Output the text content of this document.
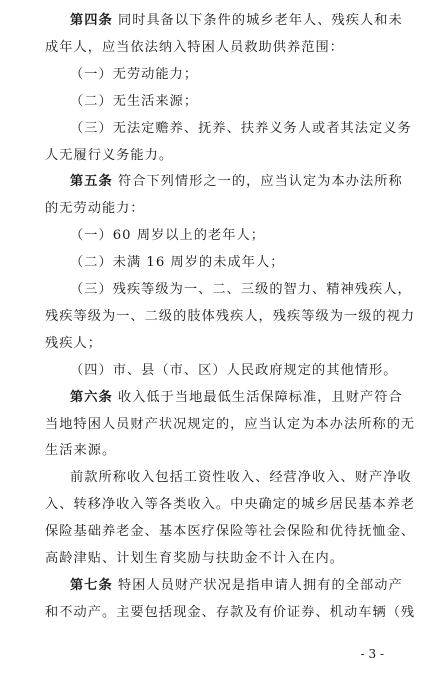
第四条 同时具备以下条件的城乡老年人、残疾人和未
成年人，应当依法纳入特困人员救助供养范围：
（一）无劳动能力；
（二）无生活来源；
（三）无法定赡养、抚养、扶养义务人或者其法定义务
人无履行义务能力。
第五条 符合下列情形之一的，应当认定为本办法所称
的无劳动能力：
（一）60 周岁以上的老年人；
（二）未满 16 周岁的未成年人；
（三）残疾等级为一、二、三级的智力、精神残疾人，
残疾等级为一、二级的肢体残疾人，残疾等级为一级的视力
残疾人；
（四）市、县（市、区）人民政府规定的其他情形。
第六条 收入低于当地最低生活保障标准，且财产符合
当地特困人员财产状况规定的，应当认定为本办法所称的无
生活来源。
前款所称收入包括工资性收入、经营净收入、财产净收
入、转移净收入等各类收入。中央确定的城乡居民基本养老
保险基础养老金、基本医疗保险等社会保险和优待抚恤金、
高龄津贴、计划生育奖励与扶助金不计入在内。
第七条 特困人员财产状况是指申请人拥有的全部动产
和不动产。主要包括现金、存款及有价证券、机动车辆（残
- 3 -
